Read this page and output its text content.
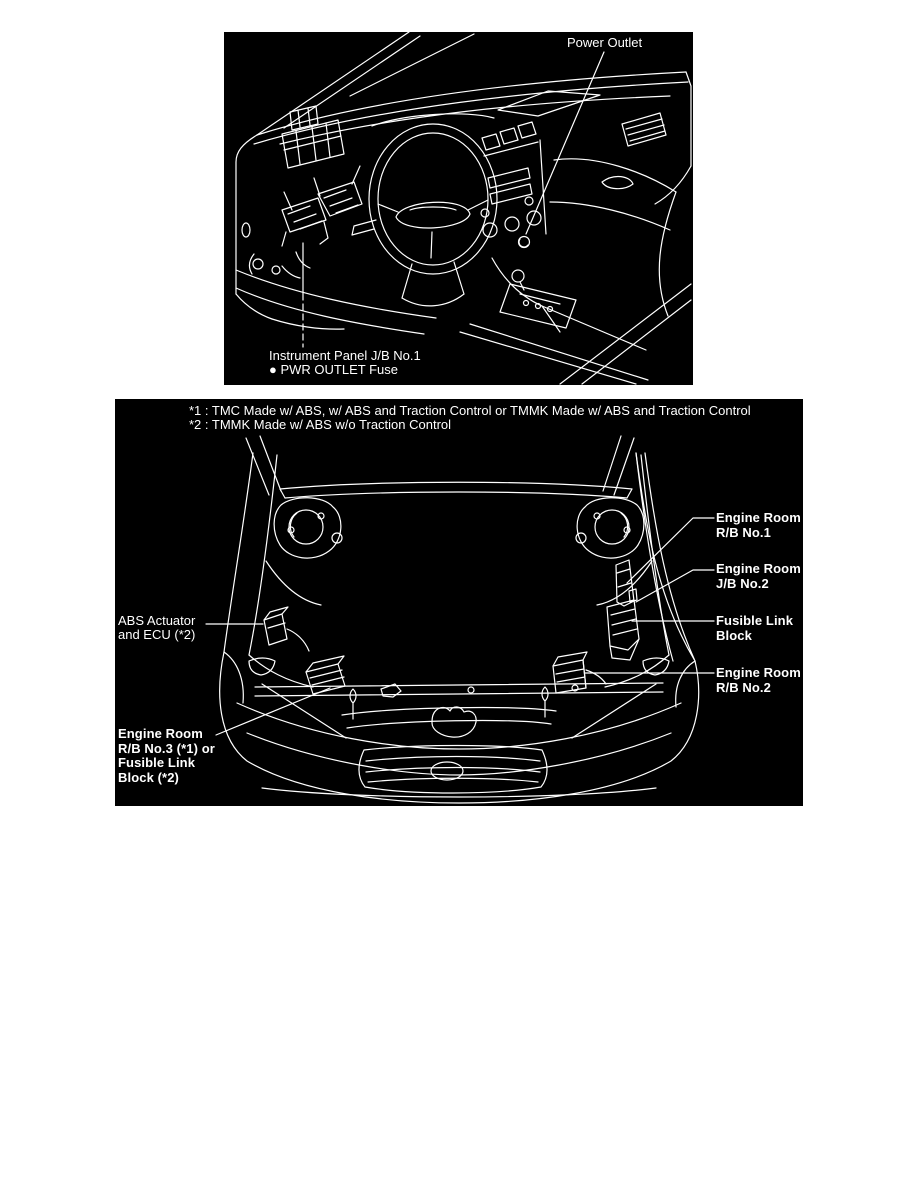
Power Outlet
Instrument Panel J/B No.1
● PWR OUTLET Fuse
*1 : TMC Made w/ ABS, w/ ABS and Traction Control or TMMK Made w/ ABS and Traction Control
*2 : TMMK Made w/ ABS w/o Traction Control
Engine Room
R/B No.1
Engine Room
J/B No.2
Fusible Link
Block
Engine Room
R/B No.2
ABS Actuator
and ECU (*2)
Engine Room
R/B No.3 (*1) or
Fusible Link
Block (*2)
